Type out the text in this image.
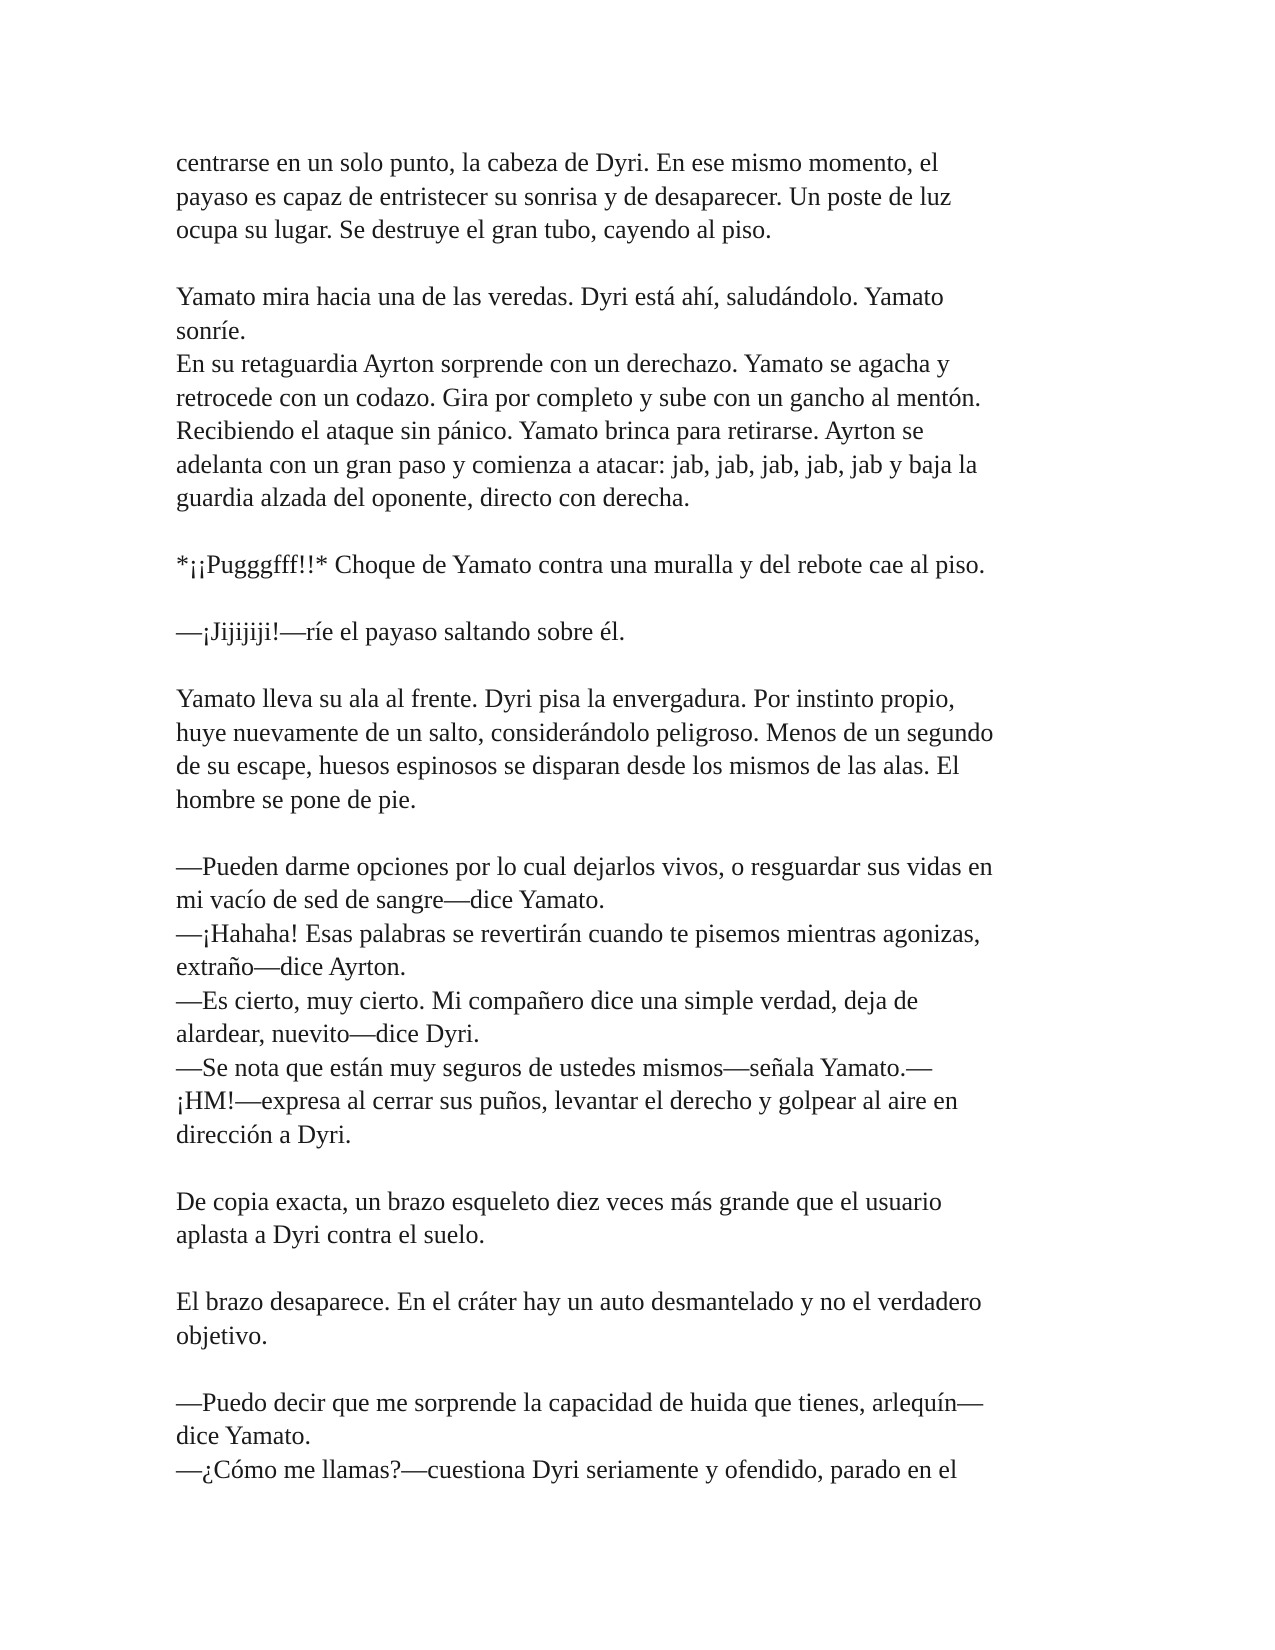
centrarse en un solo punto, la cabeza de Dyri. En ese mismo momento, el
payaso es capaz de entristecer su sonrisa y de desaparecer. Un poste de luz
ocupa su lugar. Se destruye el gran tubo, cayendo al piso.

Yamato mira hacia una de las veredas. Dyri está ahí, saludándolo. Yamato
sonríe.
En su retaguardia Ayrton sorprende con un derechazo. Yamato se agacha y
retrocede con un codazo. Gira por completo y sube con un gancho al mentón.
Recibiendo el ataque sin pánico. Yamato brinca para retirarse. Ayrton se
adelanta con un gran paso y comienza a atacar: jab, jab, jab, jab, jab y baja la
guardia alzada del oponente, directo con derecha.

*¡¡Pugggfff!!* Choque de Yamato contra una muralla y del rebote cae al piso.

—¡Jijijiji!—ríe el payaso saltando sobre él.

Yamato lleva su ala al frente. Dyri pisa la envergadura. Por instinto propio,
huye nuevamente de un salto, considerándolo peligroso. Menos de un segundo
de su escape, huesos espinosos se disparan desde los mismos de las alas. El
hombre se pone de pie.

—Pueden darme opciones por lo cual dejarlos vivos, o resguardar sus vidas en
mi vacío de sed de sangre—dice Yamato.
—¡Hahaha! Esas palabras se revertirán cuando te pisemos mientras agonizas,
extraño—dice Ayrton.
—Es cierto, muy cierto. Mi compañero dice una simple verdad, deja de
alardear, nuevito—dice Dyri.
—Se nota que están muy seguros de ustedes mismos—señala Yamato.—
¡HM!—expresa al cerrar sus puños, levantar el derecho y golpear al aire en
dirección a Dyri.

De copia exacta, un brazo esqueleto diez veces más grande que el usuario
aplasta a Dyri contra el suelo.

El brazo desaparece. En el cráter hay un auto desmantelado y no el verdadero
objetivo.

—Puedo decir que me sorprende la capacidad de huida que tienes, arlequín—
dice Yamato.
—¿Cómo me llamas?—cuestiona Dyri seriamente y ofendido, parado en el
